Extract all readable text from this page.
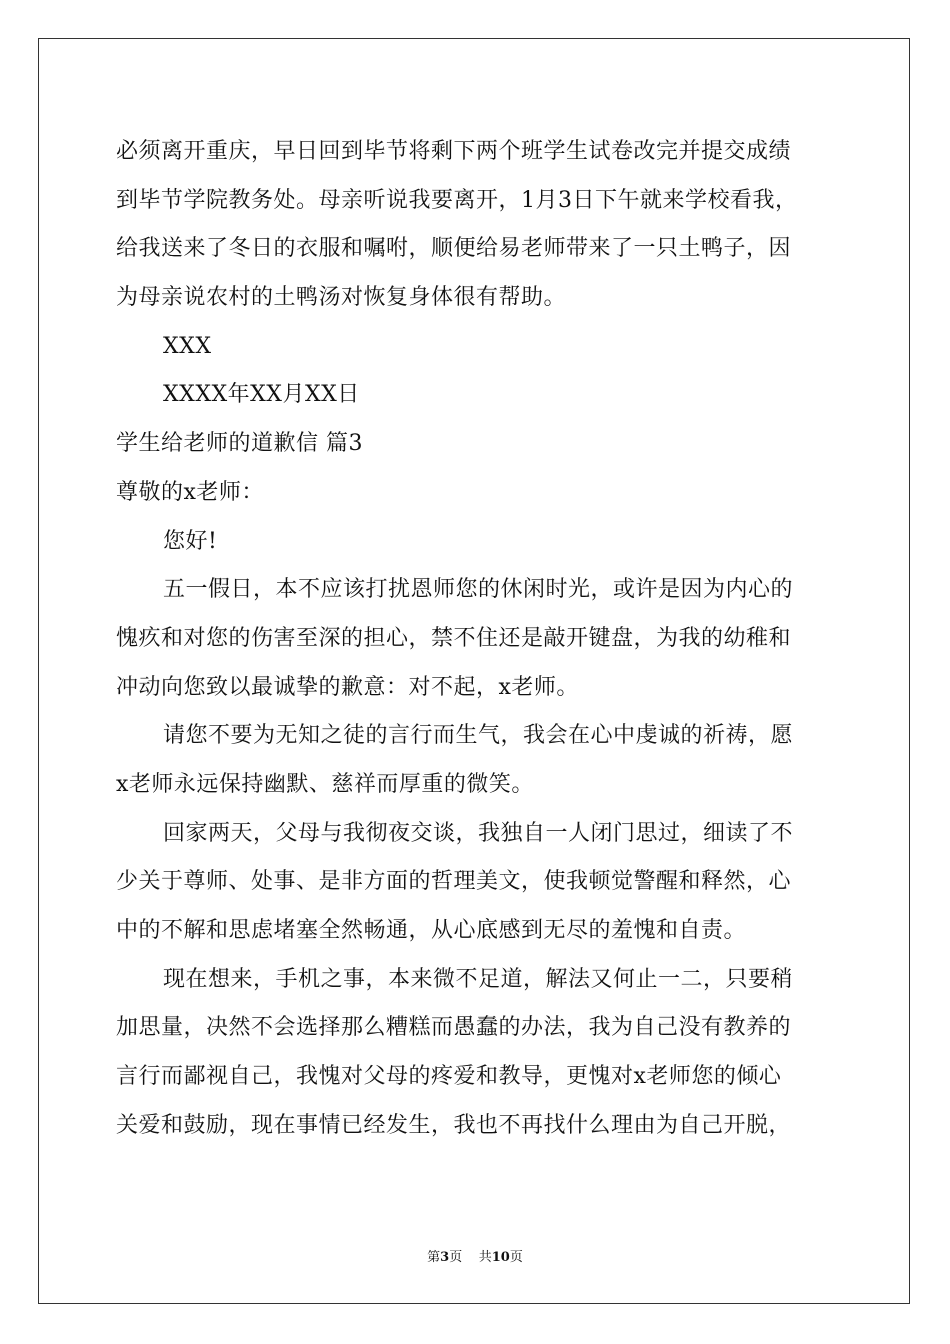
必须离开重庆，早日回到毕节将剩下两个班学生试卷改完并提交成绩
到毕节学院教务处。母亲听说我要离开，1月3日下午就来学校看我，
给我送来了冬日的衣服和嘱咐，顺便给易老师带来了一只土鸭子，因
为母亲说农村的土鸭汤对恢复身体很有帮助。
XXX
XXXX年XX月XX日
学生给老师的道歉信 篇3
尊敬的x老师：
您好!
五一假日，本不应该打扰恩师您的休闲时光，或许是因为内心的
愧疚和对您的伤害至深的担心，禁不住还是敲开键盘，为我的幼稚和
冲动向您致以最诚挚的歉意：对不起，x老师。
请您不要为无知之徒的言行而生气，我会在心中虔诚的祈祷，愿
x老师永远保持幽默、慈祥而厚重的微笑。
回家两天，父母与我彻夜交谈，我独自一人闭门思过，细读了不
少关于尊师、处事、是非方面的哲理美文，使我顿觉警醒和释然，心
中的不解和思虑堵塞全然畅通，从心底感到无尽的羞愧和自责。
现在想来，手机之事，本来微不足道，解法又何止一二，只要稍
加思量，决然不会选择那么糟糕而愚蠢的办法，我为自己没有教养的
言行而鄙视自己，我愧对父母的疼爱和教导，更愧对x老师您的倾心
关爱和鼓励，现在事情已经发生，我也不再找什么理由为自己开脱，
第3页 共10页
